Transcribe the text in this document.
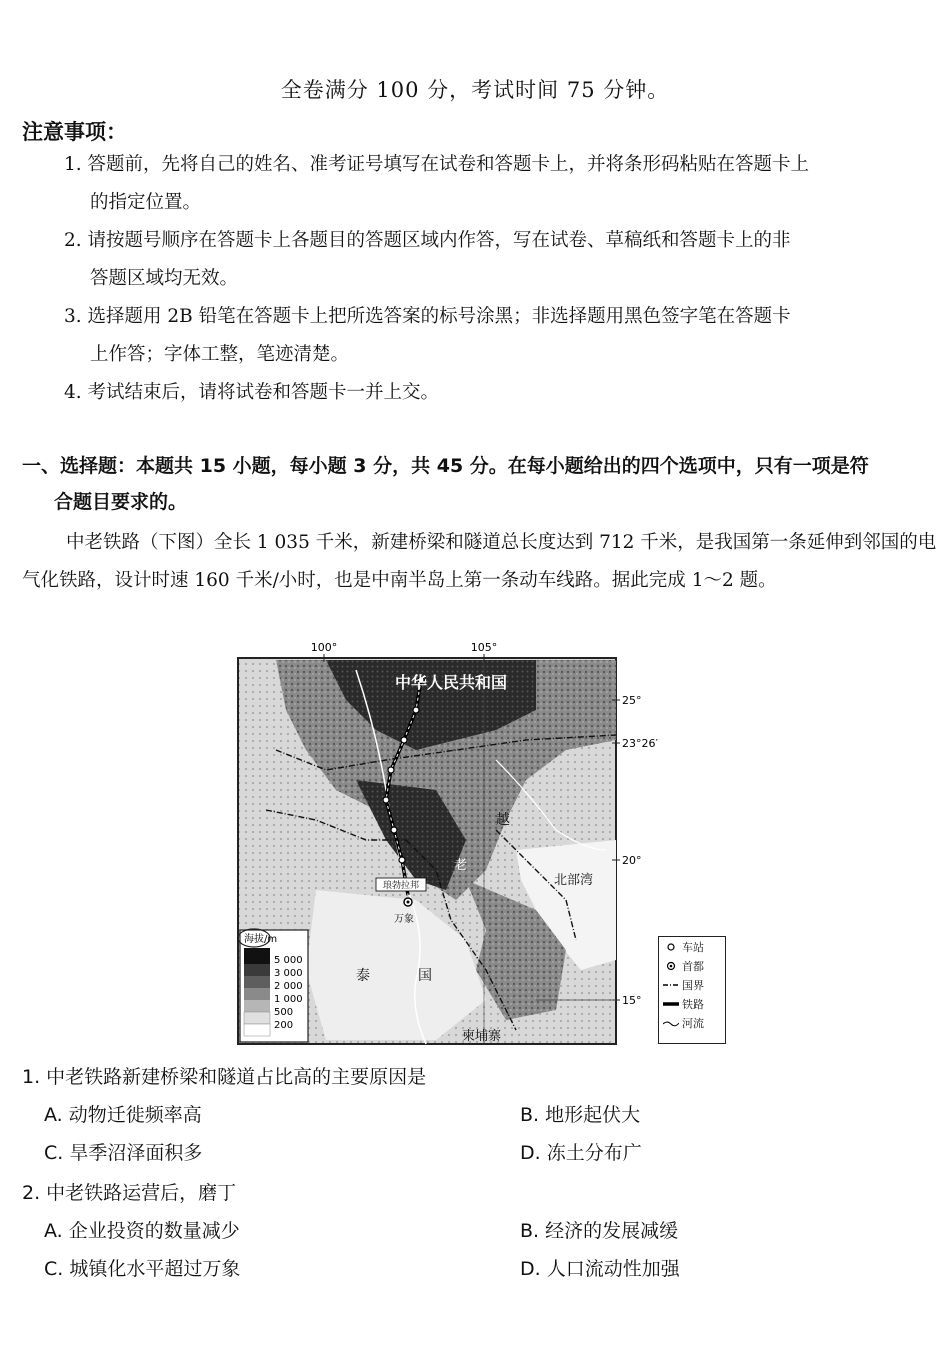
全卷满分 100 分，考试时间 75 分钟。
注意事项：
1. 答题前，先将自己的姓名、准考证号填写在试卷和答题卡上，并将条形码粘贴在答题卡上
的指定位置。
2. 请按题号顺序在答题卡上各题目的答题区域内作答，写在试卷、草稿纸和答题卡上的非
答题区域均无效。
3. 选择题用 2B 铅笔在答题卡上把所选答案的标号涂黑；非选择题用黑色签字笔在答题卡
上作答；字体工整，笔迹清楚。
4. 考试结束后，请将试卷和答题卡一并上交。
一、选择题：本题共 15 小题，每小题 3 分，共 45 分。在每小题给出的四个选项中，只有一项是符
合题目要求的。
中老铁路（下图）全长 1 035 千米，新建桥梁和隧道总长度达到 712 千米，是我国第一条延伸到邻国的电气化铁路，设计时速 160 千米/小时，也是中南半岛上第一条动车线路。据此完成 1～2 题。
100°	105°
25°
23°26′
20°
15°
中华人民共和国
越
老
北部湾
泰	国
柬埔寨
万象
琅勃拉邦
海拔/m
5 000
3 000
2 000
1 000
500
200
车站
首都
国界
铁路
河流
1. 中老铁路新建桥梁和隧道占比高的主要原因是
A. 动物迁徙频率高	B. 地形起伏大
C. 旱季沼泽面积多	D. 冻土分布广
2. 中老铁路运营后，磨丁
A. 企业投资的数量减少	B. 经济的发展减缓
C. 城镇化水平超过万象	D. 人口流动性加强
